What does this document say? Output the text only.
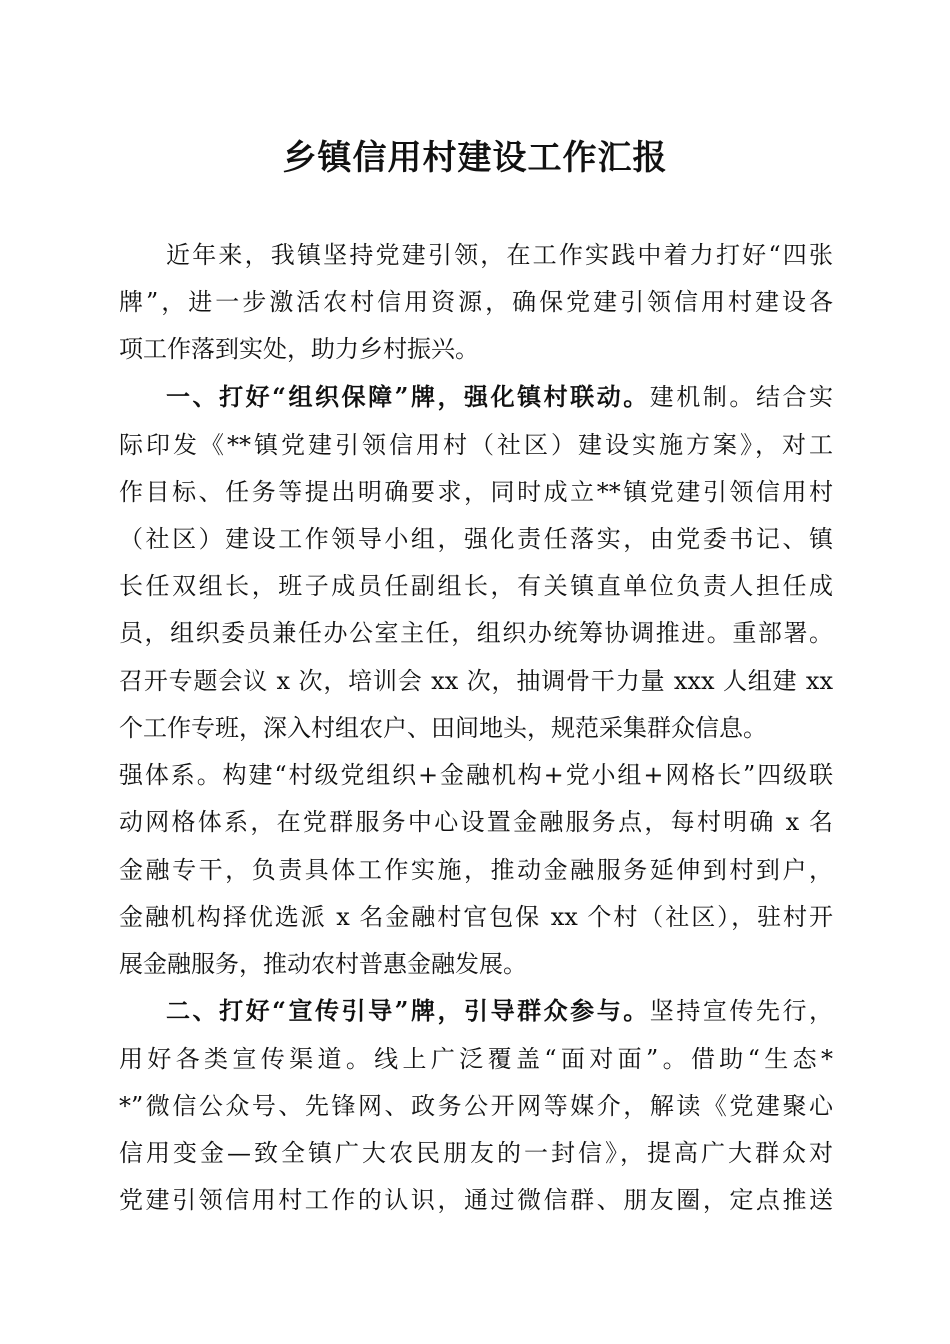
乡镇信用村建设工作汇报

近年来，我镇坚持党建引领，在工作实践中着力打好“四张

牌”，进一步激活农村信用资源，确保党建引领信用村建设各

项工作落到实处，助力乡村振兴。

一、打好“组织保障”牌，强化镇村联动。建机制。结合实

际印发《**镇党建引领信用村（社区）建设实施方案》，对工

作目标、任务等提出明确要求，同时成立**镇党建引领信用村

（社区）建设工作领导小组，强化责任落实，由党委书记、镇

长任双组长，班子成员任副组长，有关镇直单位负责人担任成

员，组织委员兼任办公室主任，组织办统筹协调推进。重部署。

召开专题会议 x 次，培训会 xx 次，抽调骨干力量 xxx 人组建 xx

个工作专班，深入村组农户、田间地头，规范采集群众信息。

强体系。构建“村级党组织+金融机构+党小组+网格长”四级联

动网格体系，在党群服务中心设置金融服务点，每村明确 x 名

金融专干，负责具体工作实施，推动金融服务延伸到村到户，

金融机构择优选派 x 名金融村官包保 xx 个村（社区），驻村开

展金融服务，推动农村普惠金融发展。

二、打好“宣传引导”牌，引导群众参与。坚持宣传先行，

用好各类宣传渠道。线上广泛覆盖“面对面”。借助“生态*

*”微信公众号、先锋网、政务公开网等媒介，解读《党建聚心

信用变金—致全镇广大农民朋友的一封信》，提高广大群众对

党建引领信用村工作的认识，通过微信群、朋友圈，定点推送
